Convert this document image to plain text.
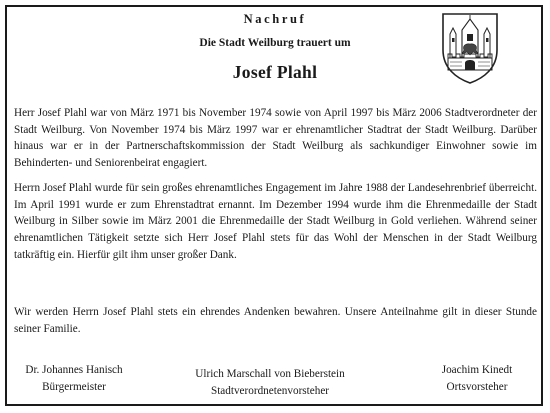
Nachruf
Die Stadt Weilburg trauert um
Josef Plahl

Herr Josef Plahl war von März 1971 bis November 1974 sowie von April 1997 bis März 2006 Stadtverordneter der Stadt Weilburg. Von November 1974 bis März 1997 war er ehrenamtlicher Stadtrat der Stadt Weilburg. Darüber hinaus war er in der Partnerschaftskommission der Stadt Weilburg als sachkundiger Einwohner sowie im Behinderten- und Seniorenbeirat engagiert.

Herrn Josef Plahl wurde für sein großes ehrenamtliches Engagement im Jahre 1988 der Landesehrenbrief überreicht. Im April 1991 wurde er zum Ehrenstadtrat ernannt. Im Dezember 1994 wurde ihm die Ehrenmedaille der Stadt Weilburg in Silber sowie im März 2001 die Ehrenmedaille der Stadt Weilburg in Gold verliehen. Während seiner ehrenamtlichen Tätigkeit setzte sich Herr Josef Plahl stets für das Wohl der Menschen in der Stadt Weilburg tatkräftig ein. Hierfür gilt ihm unser großer Dank.

Wir werden Herrn Josef Plahl stets ein ehrendes Andenken bewahren. Unsere Anteilnahme gilt in dieser Stunde seiner Familie.

Dr. Johannes Hanisch
Bürgermeister
Ulrich Marschall von Bieberstein
Stadtverordnetenvorsteher
Joachim Kinedt
Ortsvorsteher
